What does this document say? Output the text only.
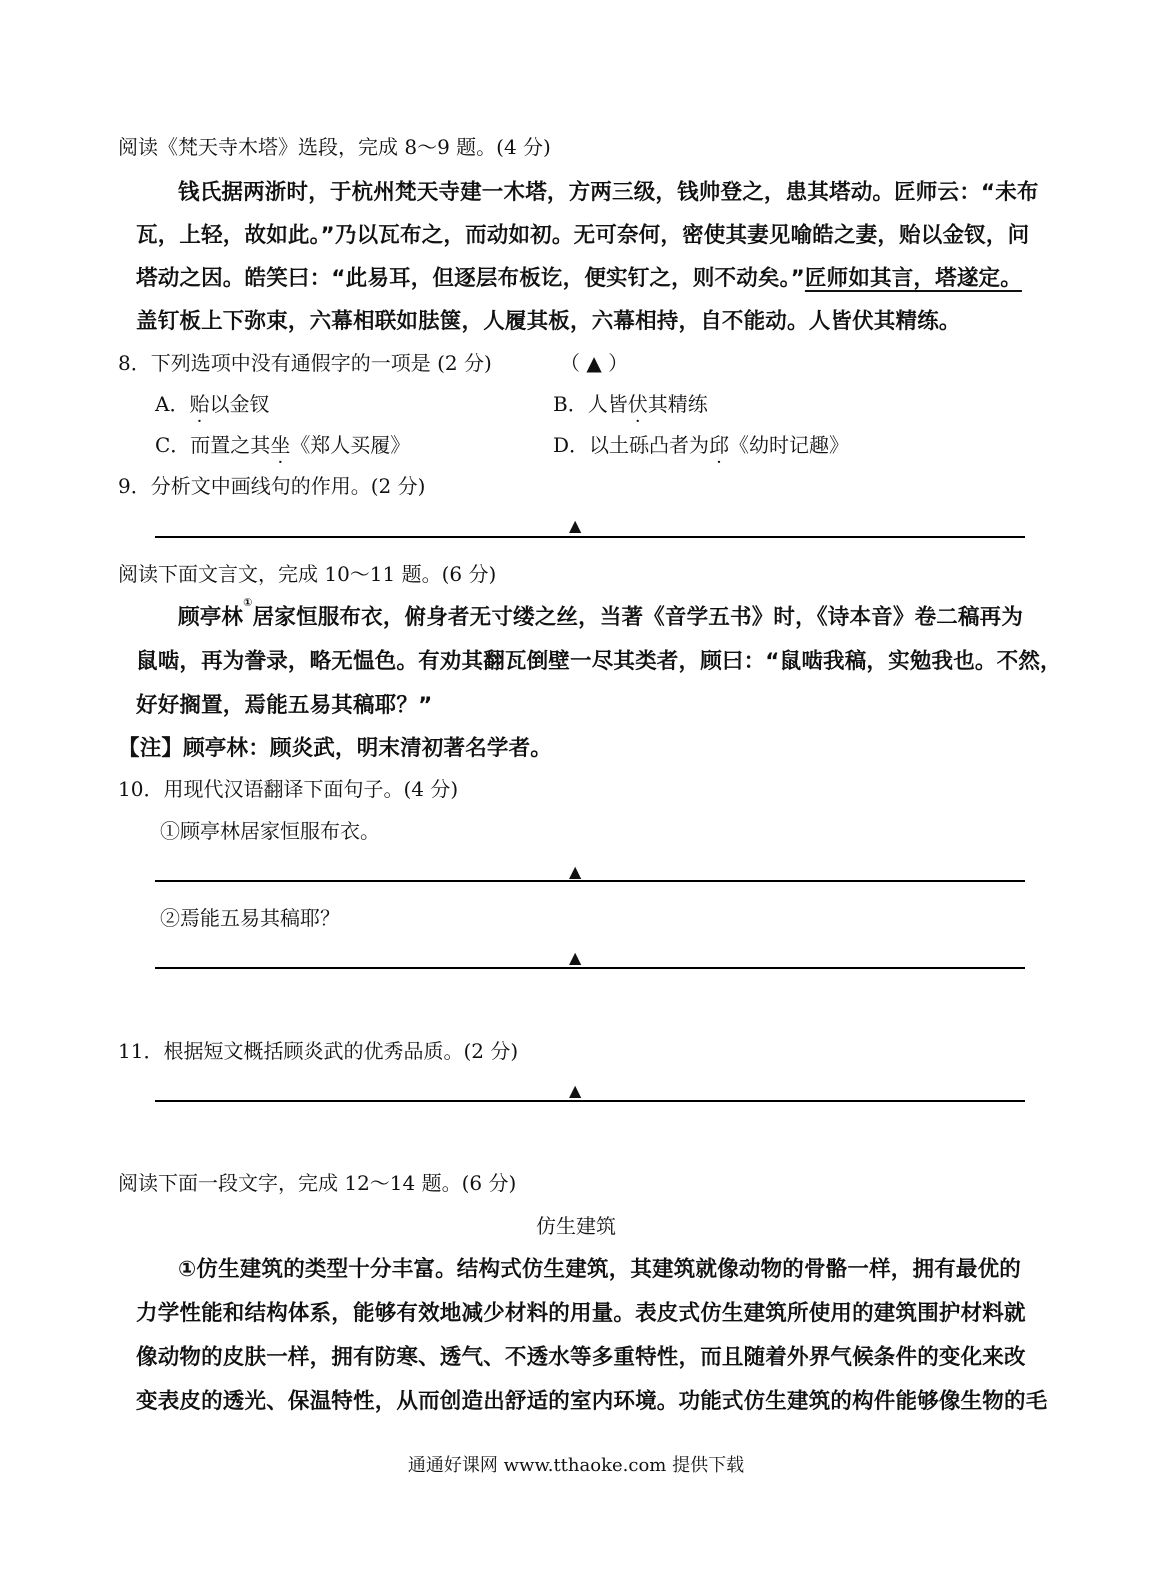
阅读《梵天寺木塔》选段，完成 8～9 题。(4 分)
钱氏据两浙时，于杭州梵天寺建一木塔，方两三级，钱帅登之，患其塔动。匠师云：“未布
瓦，上轻，故如此。”乃以瓦布之，而动如初。无可奈何，密使其妻见喻皓之妻，贻以金钗，问
塔动之因。皓笑曰：“此易耳，但逐层布板讫，便实钉之，则不动矣。”匠师如其言，塔遂定。
盖钉板上下弥束，六幕相联如胠箧，人履其板，六幕相持，自不能动。人皆伏其精练。
8．下列选项中没有通假字的一项是 (2 分)	（ ▲ ）
A．贻以金钗	B．人皆伏其精练
C．而置之其坐《郑人买履》	D．以土砾凸者为邱《幼时记趣》
9．分析文中画线句的作用。(2 分)
▲
阅读下面文言文，完成 10～11 题。(6 分)
顾亭林①居家恒服布衣，俯身者无寸缕之丝，当著《音学五书》时，《诗本音》卷二稿再为
鼠啮，再为誊录，略无愠色。有劝其翻瓦倒壁一尽其类者，顾曰：“鼠啮我稿，实勉我也。不然，
好好搁置，焉能五易其稿耶？”
【注】顾亭林：顾炎武，明末清初著名学者。
10．用现代汉语翻译下面句子。(4 分)
①顾亭林居家恒服布衣。
▲
②焉能五易其稿耶？
▲
11．根据短文概括顾炎武的优秀品质。(2 分)
▲
阅读下面一段文字，完成 12～14 题。(6 分)
仿生建筑
①仿生建筑的类型十分丰富。结构式仿生建筑，其建筑就像动物的骨骼一样，拥有最优的
力学性能和结构体系，能够有效地减少材料的用量。表皮式仿生建筑所使用的建筑围护材料就
像动物的皮肤一样，拥有防寒、透气、不透水等多重特性，而且随着外界气候条件的变化来改
变表皮的透光、保温特性，从而创造出舒适的室内环境。功能式仿生建筑的构件能够像生物的毛
通通好课网 www.tthaoke.com 提供下载
